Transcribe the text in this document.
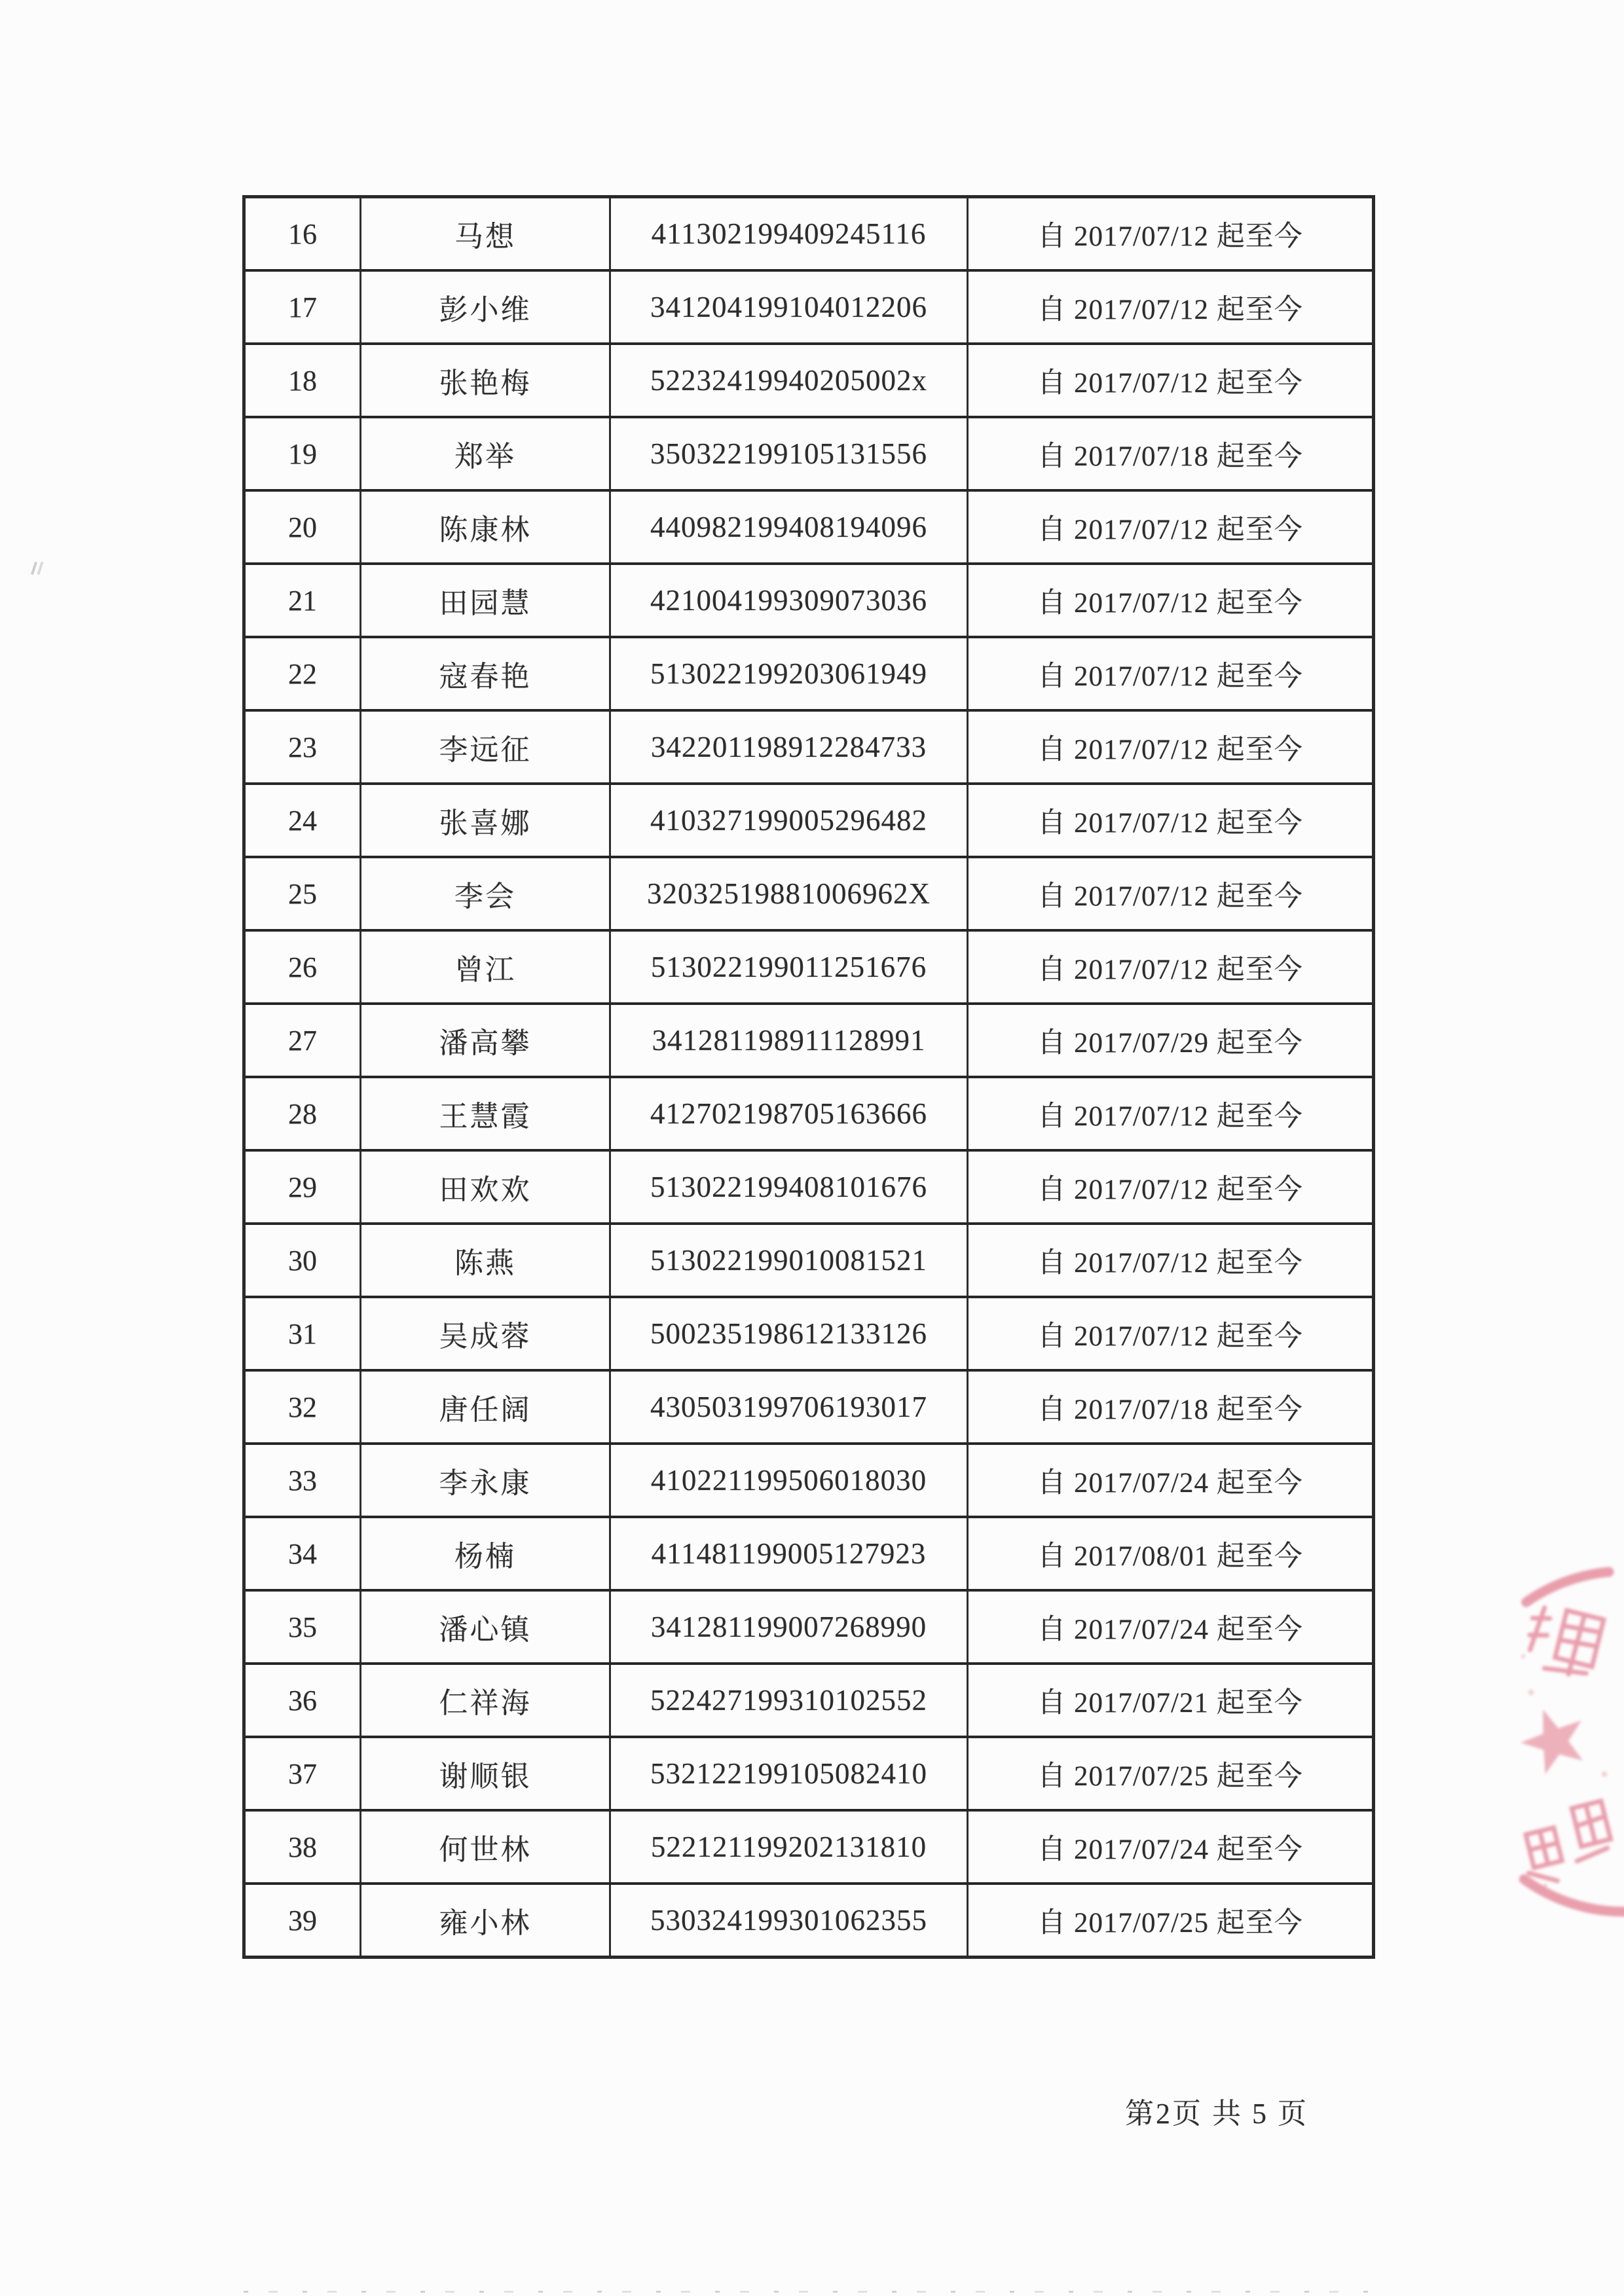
16	马想	411302199409245116	自 2017/07/12 起至今
17	彭小维	341204199104012206	自 2017/07/12 起至今
18	张艳梅	52232419940205002x	自 2017/07/12 起至今
19	郑举	350322199105131556	自 2017/07/18 起至今
20	陈康林	440982199408194096	自 2017/07/12 起至今
21	田园慧	421004199309073036	自 2017/07/12 起至今
22	寇春艳	513022199203061949	自 2017/07/12 起至今
23	李远征	342201198912284733	自 2017/07/12 起至今
24	张喜娜	410327199005296482	自 2017/07/12 起至今
25	李会	32032519881006962X	自 2017/07/12 起至今
26	曾江	513022199011251676	自 2017/07/12 起至今
27	潘高攀	341281198911128991	自 2017/07/29 起至今
28	王慧霞	412702198705163666	自 2017/07/12 起至今
29	田欢欢	513022199408101676	自 2017/07/12 起至今
30	陈燕	513022199010081521	自 2017/07/12 起至今
31	吴成蓉	500235198612133126	自 2017/07/12 起至今
32	唐任阔	430503199706193017	自 2017/07/18 起至今
33	李永康	410221199506018030	自 2017/07/24 起至今
34	杨楠	411481199005127923	自 2017/08/01 起至今
35	潘心镇	341281199007268990	自 2017/07/24 起至今
36	仁祥海	522427199310102552	自 2017/07/21 起至今
37	谢顺银	532122199105082410	自 2017/07/25 起至今
38	何世林	522121199202131810	自 2017/07/24 起至今
39	雍小林	530324199301062355	自 2017/07/25 起至今
第2页 共 5 页
